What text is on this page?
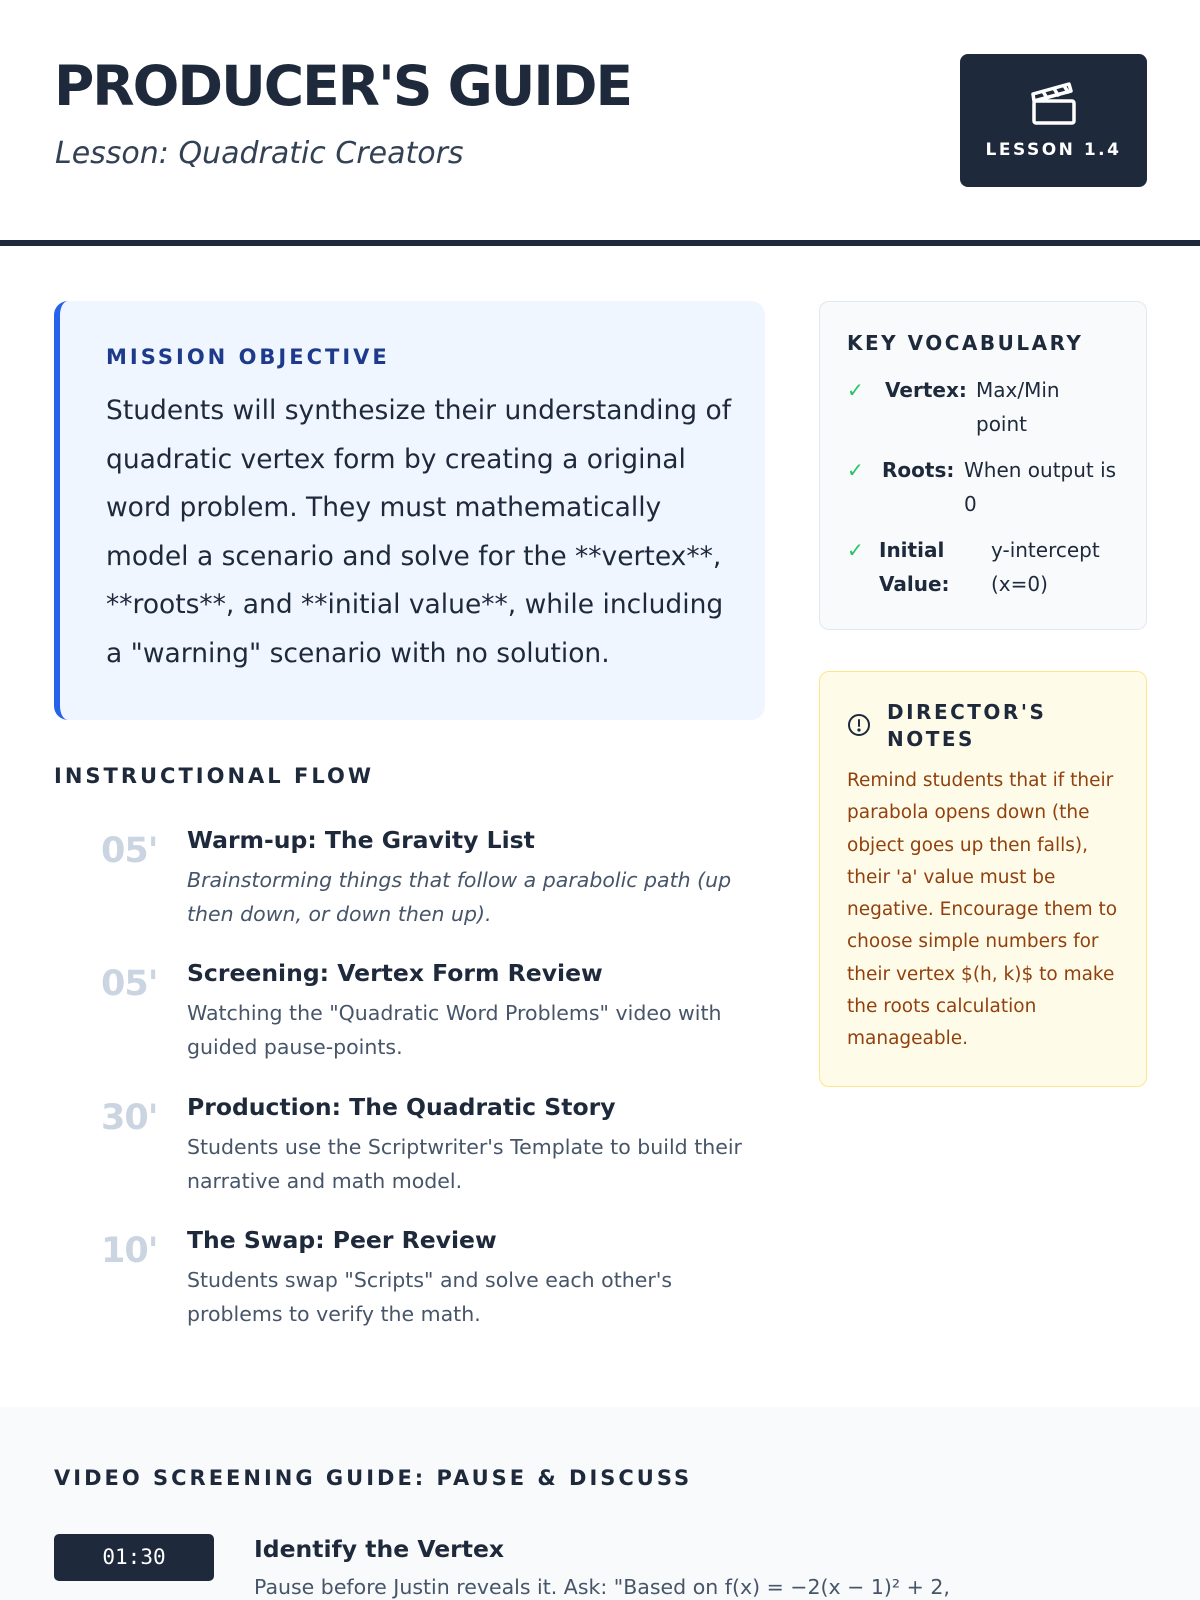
PRODUCER'S GUIDE
Lesson: Quadratic Creators	LESSON 1.4
MISSION OBJECTIVE
Students will synthesize their understanding of quadratic vertex form by creating a original word problem. They must mathematically model a scenario and solve for the **vertex**, **roots**, and **initial value**, while including a "warning" scenario with no solution.
INSTRUCTIONAL FLOW
05' Warm-up: The Gravity List
Brainstorming things that follow a parabolic path (up then down, or down then up).
05' Screening: Vertex Form Review
Watching the "Quadratic Word Problems" video with guided pause-points.
30' Production: The Quadratic Story
Students use the Scriptwriter's Template to build their narrative and math model.
10' The Swap: Peer Review
Students swap "Scripts" and solve each other's problems to verify the math.
KEY VOCABULARY
✓ Vertex: Max/Min point
✓ Roots: When output is 0
✓ Initial Value:
y-intercept (x=0)
DIRECTOR'S NOTES
Remind students that if their parabola opens down (the object goes up then falls), their 'a' value must be negative. Encourage them to choose simple numbers for their vertex $(h, k)$ to make the roots calculation manageable.
VIDEO SCREENING GUIDE: PAUSE & DISCUSS
01:30	Identify the Vertex
Pause before Justin reveals it. Ask: "Based on f(x) = −2(x − 1)² + 2,
